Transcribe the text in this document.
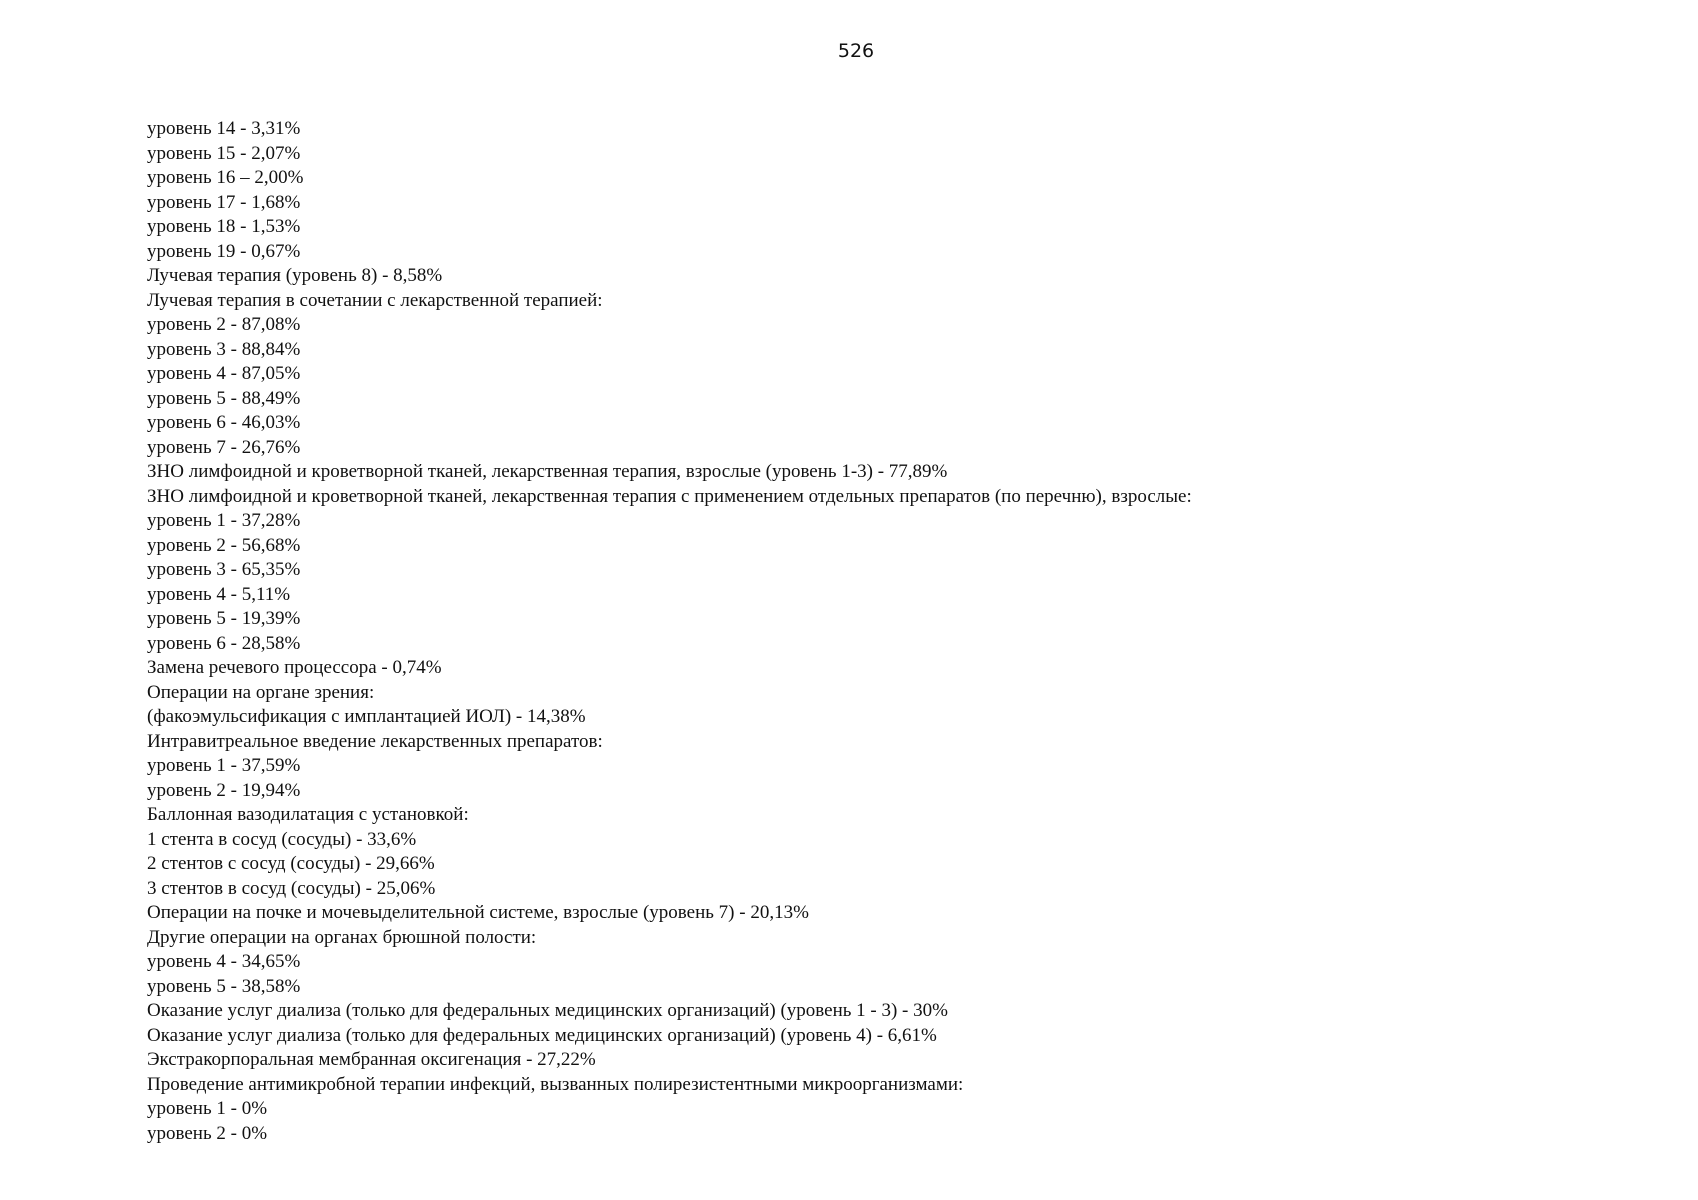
526
уровень 14 - 3,31%
уровень 15 - 2,07%
уровень 16 – 2,00%
уровень 17 - 1,68%
уровень 18 - 1,53%
уровень 19 - 0,67%
Лучевая терапия (уровень 8) - 8,58%
Лучевая терапия в сочетании с лекарственной терапией:
уровень 2 - 87,08%
уровень 3 - 88,84%
уровень 4 - 87,05%
уровень 5 - 88,49%
уровень 6 - 46,03%
уровень 7 - 26,76%
ЗНО лимфоидной и кроветворной тканей, лекарственная терапия, взрослые (уровень 1-3) - 77,89%
ЗНО лимфоидной и кроветворной тканей, лекарственная терапия с применением отдельных препаратов (по перечню), взрослые:
уровень 1 - 37,28%
уровень 2 - 56,68%
уровень 3 - 65,35%
уровень 4 - 5,11%
уровень 5 - 19,39%
уровень 6 - 28,58%
Замена речевого процессора - 0,74%
Операции на органе зрения:
(факоэмульсификация с имплантацией ИОЛ) - 14,38%
Интравитреальное введение лекарственных препаратов:
уровень 1 - 37,59%
уровень 2 - 19,94%
Баллонная вазодилатация с установкой:
1 стента в сосуд (сосуды) - 33,6%
2 стентов с сосуд (сосуды) - 29,66%
3 стентов в сосуд (сосуды) - 25,06%
Операции на почке и мочевыделительной системе, взрослые (уровень 7) - 20,13%
Другие операции на органах брюшной полости:
уровень 4 - 34,65%
уровень 5 - 38,58%
Оказание услуг диализа (только для федеральных медицинских организаций) (уровень 1 - 3) - 30%
Оказание услуг диализа (только для федеральных медицинских организаций) (уровень 4) - 6,61%
Экстракорпоральная мембранная оксигенация - 27,22%
Проведение антимикробной терапии инфекций, вызванных полирезистентными микроорганизмами:
уровень 1 - 0%
уровень 2 - 0%
